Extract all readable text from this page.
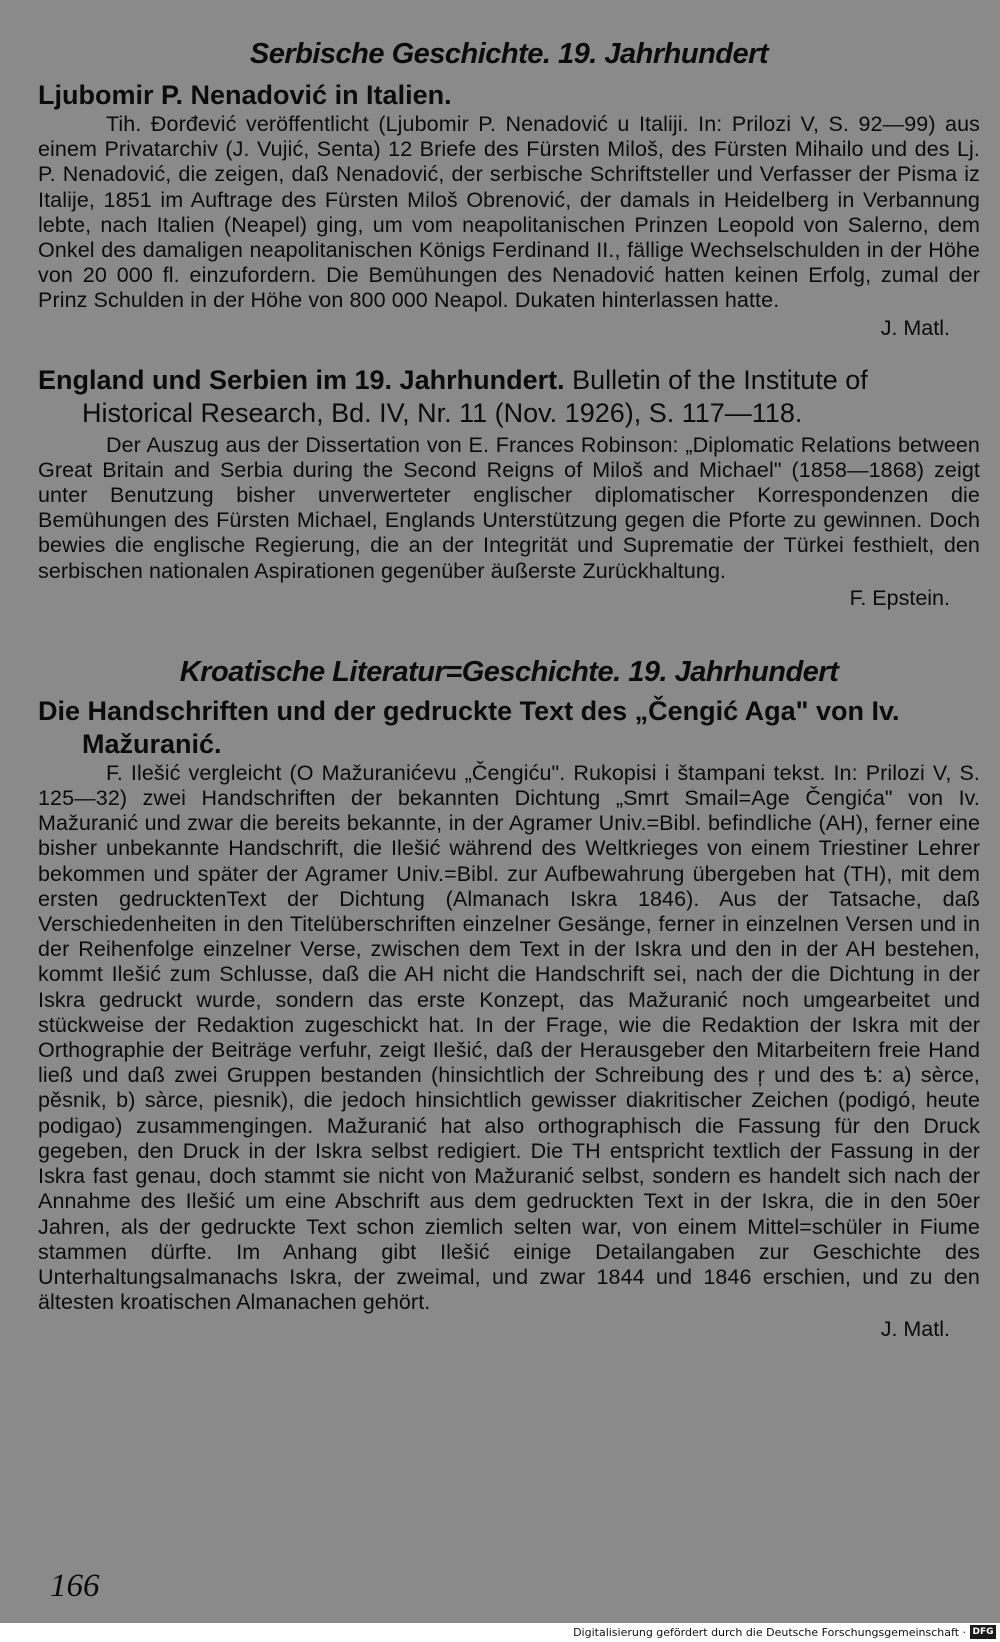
Serbische Geschichte. 19. Jahrhundert
Ljubomir P. Nenadović in Italien.

Tih. Đorđević veröffentlicht (Ljubomir P. Nenadović u Italiji. In: Prilozi V, S. 92—99) aus einem Privatarchiv (J. Vujić, Senta) 12 Briefe des Fürsten Miloš, des Fürsten Mihailo und des Lj. P. Nenadović, die zeigen, daß Nenadović, der serbische Schriftsteller und Verfasser der Pisma iz Italije, 1851 im Auftrage des Fürsten Miloš Obrenović, der damals in Heidelberg in Verbannung lebte, nach Italien (Neapel) ging, um vom neapolitanischen Prinzen Leopold von Salerno, dem Onkel des damaligen neapolitanischen Königs Ferdinand II., fällige Wechselschulden in der Höhe von 20 000 fl. einzufordern. Die Bemühungen des Nenadović hatten keinen Erfolg, zumal der Prinz Schulden in der Höhe von 800 000 Neapol. Dukaten hinterlassen hatte.

J. Matl.

England und Serbien im 19. Jahrhundert. Bulletin of the Institute of Historical Research, Bd. IV, Nr. 11 (Nov. 1926), S. 117—118.

Der Auszug aus der Dissertation von E. Frances Robinson: „Diplomatic Relations between Great Britain and Serbia during the Second Reigns of Miloš and Michael" (1858—1868) zeigt unter Benutzung bisher unverwerteter englischer diplomatischer Korrespondenzen die Bemühungen des Fürsten Michael, Englands Unterstützung gegen die Pforte zu gewinnen. Doch bewies die englische Regierung, die an der Integrität und Suprematie der Türkei festhielt, den serbischen nationalen Aspirationen gegenüber äußerste Zurückhaltung.

F. Epstein.

Kroatische Literatur=Geschichte. 19. Jahrhundert
Die Handschriften und der gedruckte Text des „Čengić Aga" von Iv. Mažuranić.

F. Ilešić vergleicht (O Mažuranićevu „Čengiću". Rukopisi i štampani tekst. In: Prilozi V, S. 125—32) zwei Handschriften der bekannten Dichtung „Smrt Smail=Age Čengića" von Iv. Mažuranić und zwar die bereits bekannte, in der Agramer Univ.=Bibl. befindliche (AH), ferner eine bisher unbekannte Handschrift, die Ilešić während des Weltkrieges von einem Triestiner Lehrer bekommen und später der Agramer Univ.=Bibl. zur Aufbewahrung übergeben hat (TH), mit dem ersten gedrucktenText der Dichtung (Almanach Iskra 1846). Aus der Tatsache, daß Verschiedenheiten in den Titelüberschriften einzelner Gesänge, ferner in einzelnen Versen und in der Reihenfolge einzelner Verse, zwischen dem Text in der Iskra und den in der AH bestehen, kommt Ilešić zum Schlusse, daß die AH nicht die Handschrift sei, nach der die Dichtung in der Iskra gedruckt wurde, sondern das erste Konzept, das Mažuranić noch umgearbeitet und stückweise der Redaktion zugeschickt hat. In der Frage, wie die Redaktion der Iskra mit der Orthographie der Beiträge verfuhr, zeigt Ilešić, daß der Herausgeber den Mitarbeitern freie Hand ließ und daß zwei Gruppen bestanden (hinsichtlich der Schreibung des ŗ und des ѣ: a) sèrce, pěsnik, b) sàrce, piesnik), die jedoch hinsichtlich gewisser diakritischer Zeichen (podigó, heute podigao) zusammengingen. Mažuranić hat also orthographisch die Fassung für den Druck gegeben, den Druck in der Iskra selbst redigiert. Die TH entspricht textlich der Fassung in der Iskra fast genau, doch stammt sie nicht von Mažuranić selbst, sondern es handelt sich nach der Annahme des Ilešić um eine Abschrift aus dem gedruckten Text in der Iskra, die in den 50er Jahren, als der gedruckte Text schon ziemlich selten war, von einem Mittel=schüler in Fiume stammen dürfte. Im Anhang gibt Ilešić einige Detailangaben zur Geschichte des Unterhaltungsalmanachs Iskra, der zweimal, und zwar 1844 und 1846 erschien, und zu den ältesten kroatischen Almanachen gehört.

J. Matl.

166
Digitalisierung gefördert durch die Deutsche Forschungsgemeinschaft · DFG
